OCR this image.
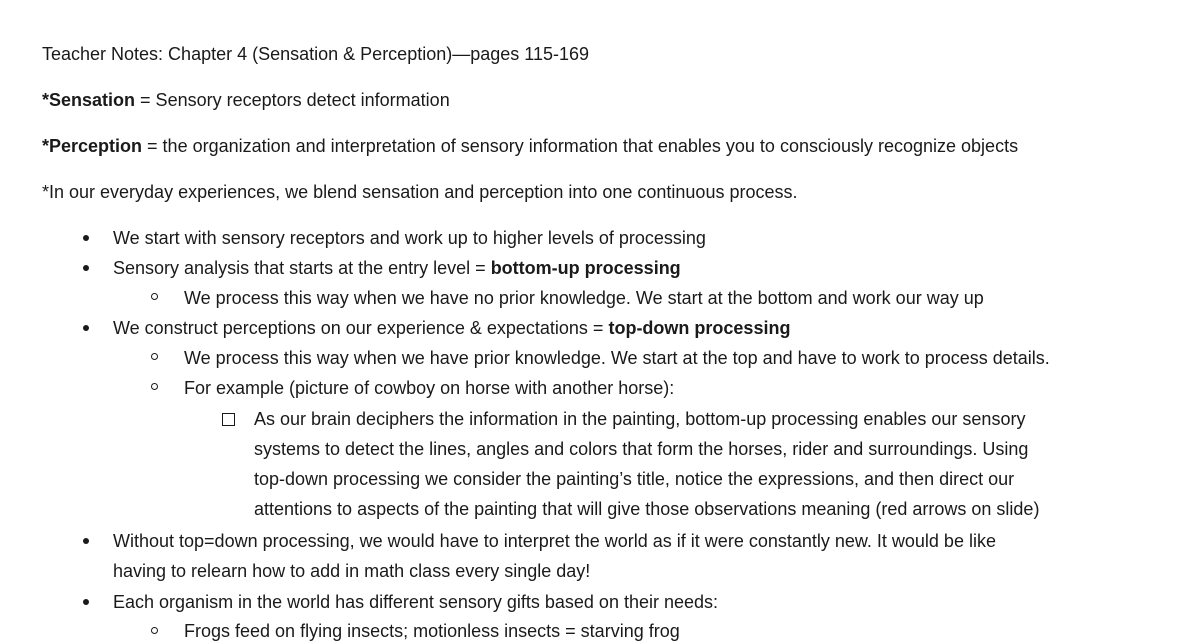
Teacher Notes: Chapter 4 (Sensation & Perception)—pages 115-169
*Sensation = Sensory receptors detect information
*Perception = the organization and interpretation of sensory information that enables you to consciously recognize objects
*In our everyday experiences, we blend sensation and perception into one continuous process.
We start with sensory receptors and work up to higher levels of processing
Sensory analysis that starts at the entry level = bottom-up processing
We process this way when we have no prior knowledge. We start at the bottom and work our way up
We construct perceptions on our experience & expectations = top-down processing
We process this way when we have prior knowledge. We start at the top and have to work to process details.
For example (picture of cowboy on horse with another horse):
As our brain deciphers the information in the painting, bottom-up processing enables our sensory
systems to detect the lines, angles and colors that form the horses, rider and surroundings. Using
top-down processing we consider the painting’s title, notice the expressions, and then direct our
attentions to aspects of the painting that will give those observations meaning (red arrows on slide)
Without top=down processing, we would have to interpret the world as if it were constantly new. It would be like
having to relearn how to add in math class every single day!
Each organism in the world has different sensory gifts based on their needs:
Frogs feed on flying insects; motionless insects = starving frog
